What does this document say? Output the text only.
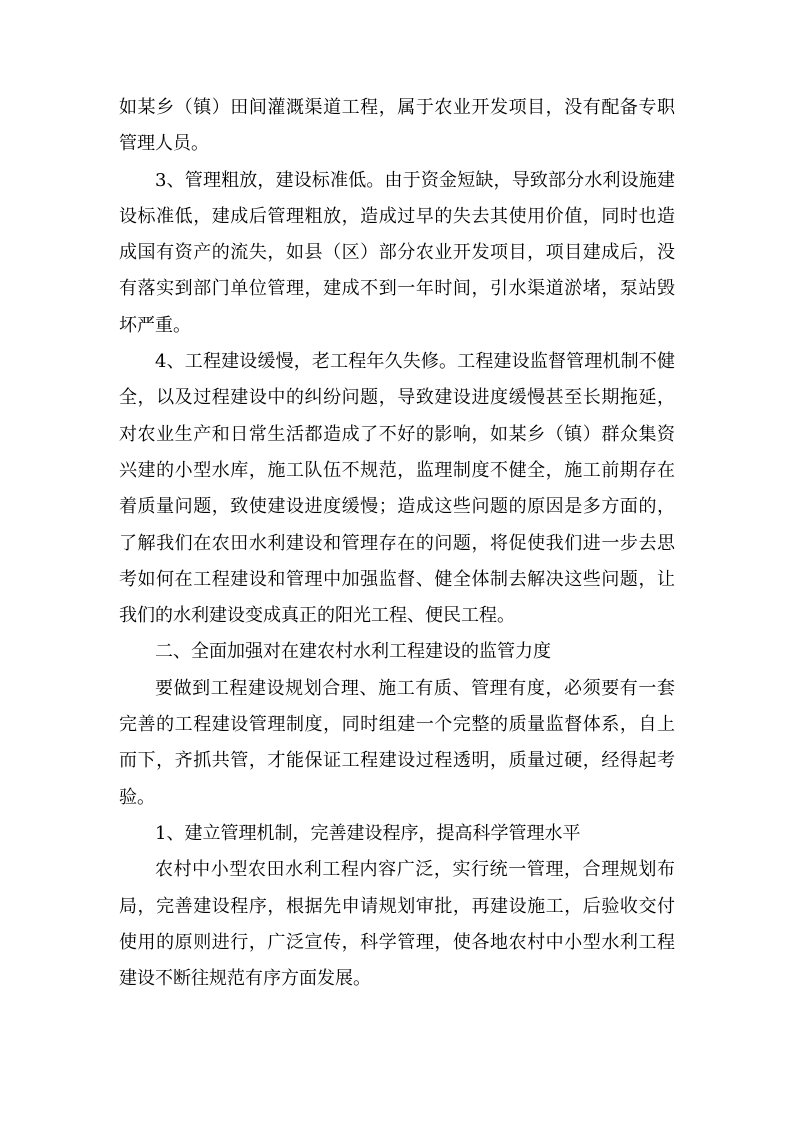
如某乡（镇）田间灌溉渠道工程，属于农业开发项目，没有配备专职管理人员。

3、管理粗放，建设标准低。由于资金短缺，导致部分水利设施建设标准低，建成后管理粗放，造成过早的失去其使用价值，同时也造成国有资产的流失，如县（区）部分农业开发项目，项目建成后，没有落实到部门单位管理，建成不到一年时间，引水渠道淤堵，泵站毁坏严重。

4、工程建设缓慢，老工程年久失修。工程建设监督管理机制不健全，以及过程建设中的纠纷问题，导致建设进度缓慢甚至长期拖延，对农业生产和日常生活都造成了不好的影响，如某乡（镇）群众集资兴建的小型水库，施工队伍不规范，监理制度不健全，施工前期存在着质量问题，致使建设进度缓慢；造成这些问题的原因是多方面的，了解我们在农田水利建设和管理存在的问题，将促使我们进一步去思考如何在工程建设和管理中加强监督、健全体制去解决这些问题，让我们的水利建设变成真正的阳光工程、便民工程。

二、全面加强对在建农村水利工程建设的监管力度

要做到工程建设规划合理、施工有质、管理有度，必须要有一套完善的工程建设管理制度，同时组建一个完整的质量监督体系，自上而下，齐抓共管，才能保证工程建设过程透明，质量过硬，经得起考验。

1、建立管理机制，完善建设程序，提高科学管理水平

农村中小型农田水利工程内容广泛，实行统一管理，合理规划布局，完善建设程序，根据先申请规划审批，再建设施工，后验收交付使用的原则进行，广泛宣传，科学管理，使各地农村中小型水利工程建设不断往规范有序方面发展。
